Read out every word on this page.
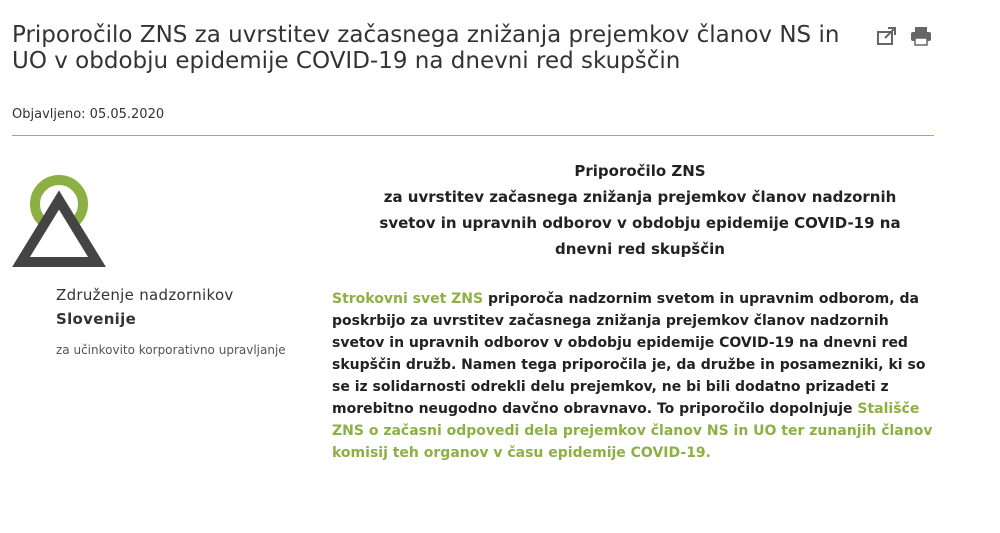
Priporočilo ZNS za uvrstitev začasnega znižanja prejemkov članov NS in UO v obdobju epidemije COVID-19 na dnevni red skupščin
Objavljeno: 05.05.2020
Združenje nadzornikov
Slovenije
za učinkovito korporativno upravljanje
Priporočilo ZNS
za uvrstitev začasnega znižanja prejemkov članov nadzornih
svetov in upravnih odborov v obdobju epidemije COVID-19 na
dnevni red skupščin
Strokovni svet ZNS priporoča nadzornim svetom in upravnim odborom, da poskrbijo za uvrstitev začasnega znižanja prejemkov članov nadzornih svetov in upravnih odborov v obdobju epidemije COVID-19 na dnevni red skupščin družb. Namen tega priporočila je, da družbe in posamezniki, ki so se iz solidarnosti odrekli delu prejemkov, ne bi bili dodatno prizadeti z morebitno neugodno davčno obravnavo. To priporočilo dopolnjuje Stališče ZNS o začasni odpovedi dela prejemkov članov NS in UO ter zunanjih članov komisij teh organov v času epidemije COVID-19.
